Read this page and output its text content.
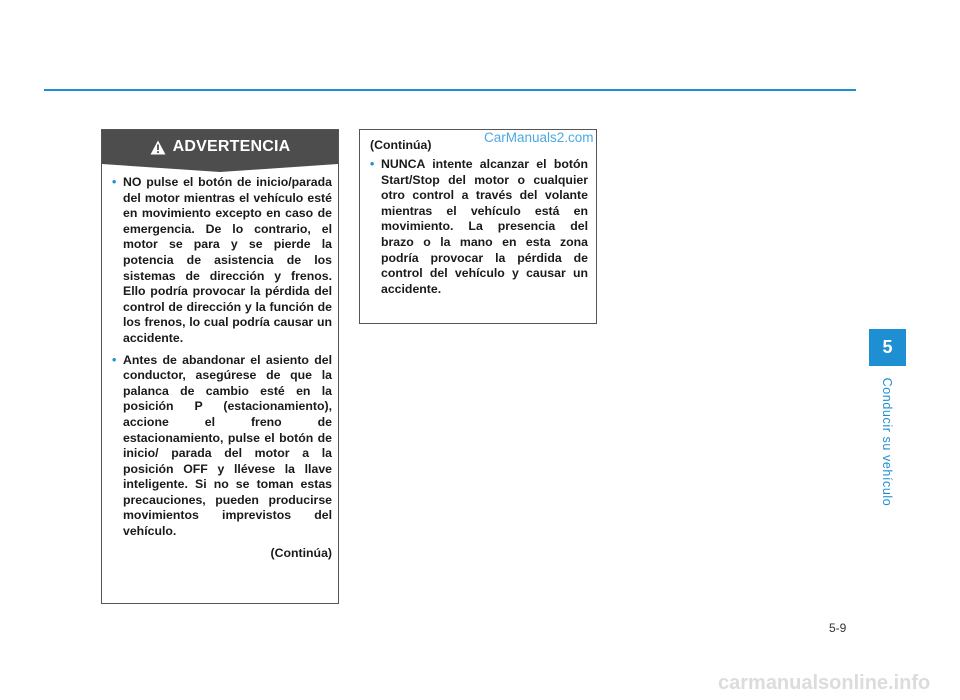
ADVERTENCIA
• NO pulse el botón de inicio/parada del motor mientras el vehículo esté en movimiento excepto en caso de emergencia. De lo contrario, el motor se para y se pierde la potencia de asistencia de los sistemas de dirección y frenos. Ello podría provocar la pérdida del control de dirección y la función de los frenos, lo cual podría causar un accidente.
• Antes de abandonar el asiento del conductor, asegúrese de que la palanca de cambio esté en la posición P (estacionamiento), accione el freno de estacionamiento, pulse el botón de inicio/ parada del motor a la posición OFF y llévese la llave inteligente. Si no se toman estas precauciones, pueden producirse movimientos imprevistos del vehículo.
(Continúa)
(Continúa)
• NUNCA intente alcanzar el botón Start/Stop del motor o cualquier otro control a través del volante mientras el vehículo está en movimiento. La presencia del brazo o la mano en esta zona podría provocar la pérdida de control del vehículo y causar un accidente.
CarManuals2.com
5
Conducir su vehículo
5-9
carmanualsonline.info
